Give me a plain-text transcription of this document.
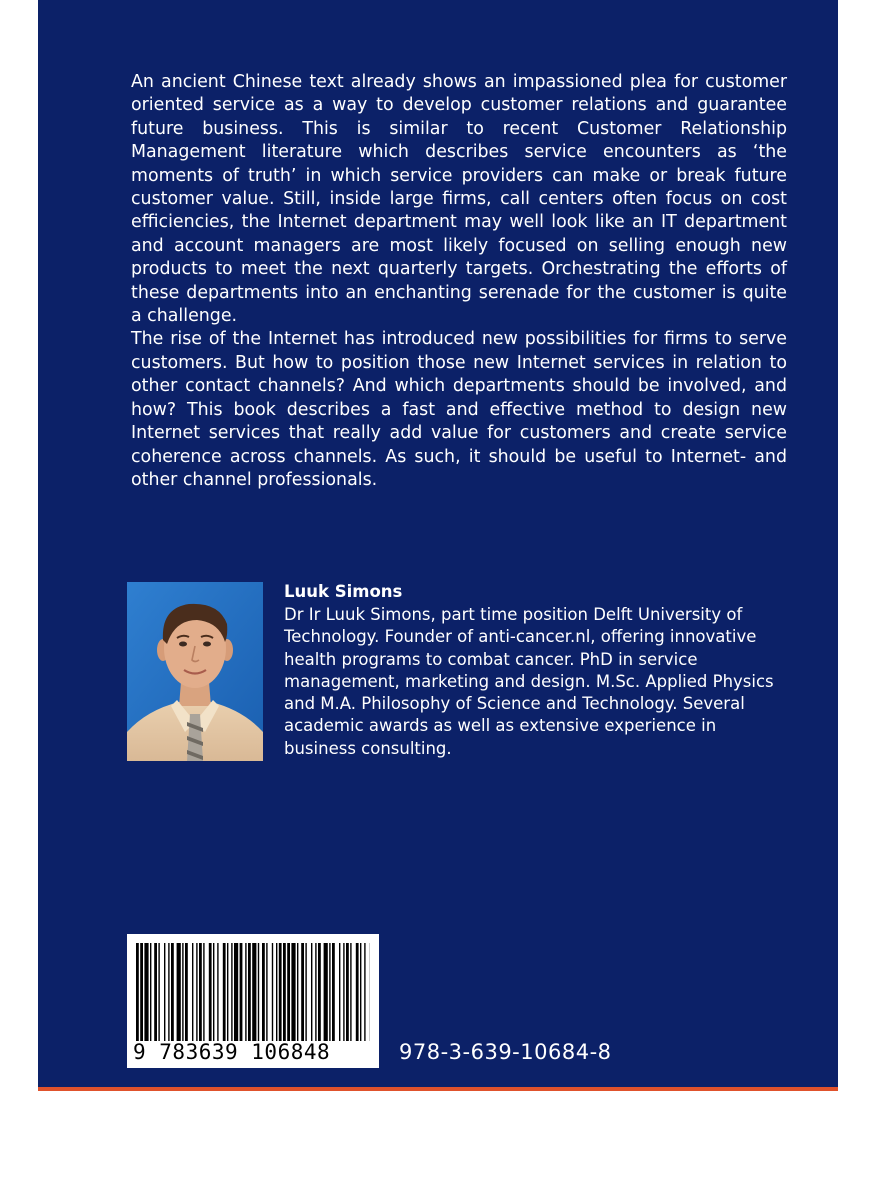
An ancient Chinese text already shows an impassioned plea for customer oriented service as a way to develop customer relations and guarantee future business. This is similar to recent Customer Relationship Management literature which describes service encounters as ‘the moments of truth’ in which service providers can make or break future customer value. Still, inside large firms, call centers often focus on cost efficiencies, the Internet department may well look like an IT department and account managers are most likely focused on selling enough new products to meet the next quarterly targets. Orchestrating the efforts of these departments into an enchanting serenade for the customer is quite a challenge.

The rise of the Internet has introduced new possibilities for firms to serve customers. But how to position those new Internet services in relation to other contact channels? And which departments should be involved, and how? This book describes a fast and effective method to design new Internet services that really add value for customers and create service coherence across channels. As such, it should be useful to Internet- and other channel professionals.

Luuk Simons
Dr Ir Luuk Simons, part time position Delft University of Technology. Founder of anti-cancer.nl, offering innovative health programs to combat cancer. PhD in service management, marketing and design. M.Sc. Applied Physics and M.A. Philosophy of Science and Technology. Several academic awards as well as extensive experience in business consulting.
9 783639 106848	978-3-639-10684-8
